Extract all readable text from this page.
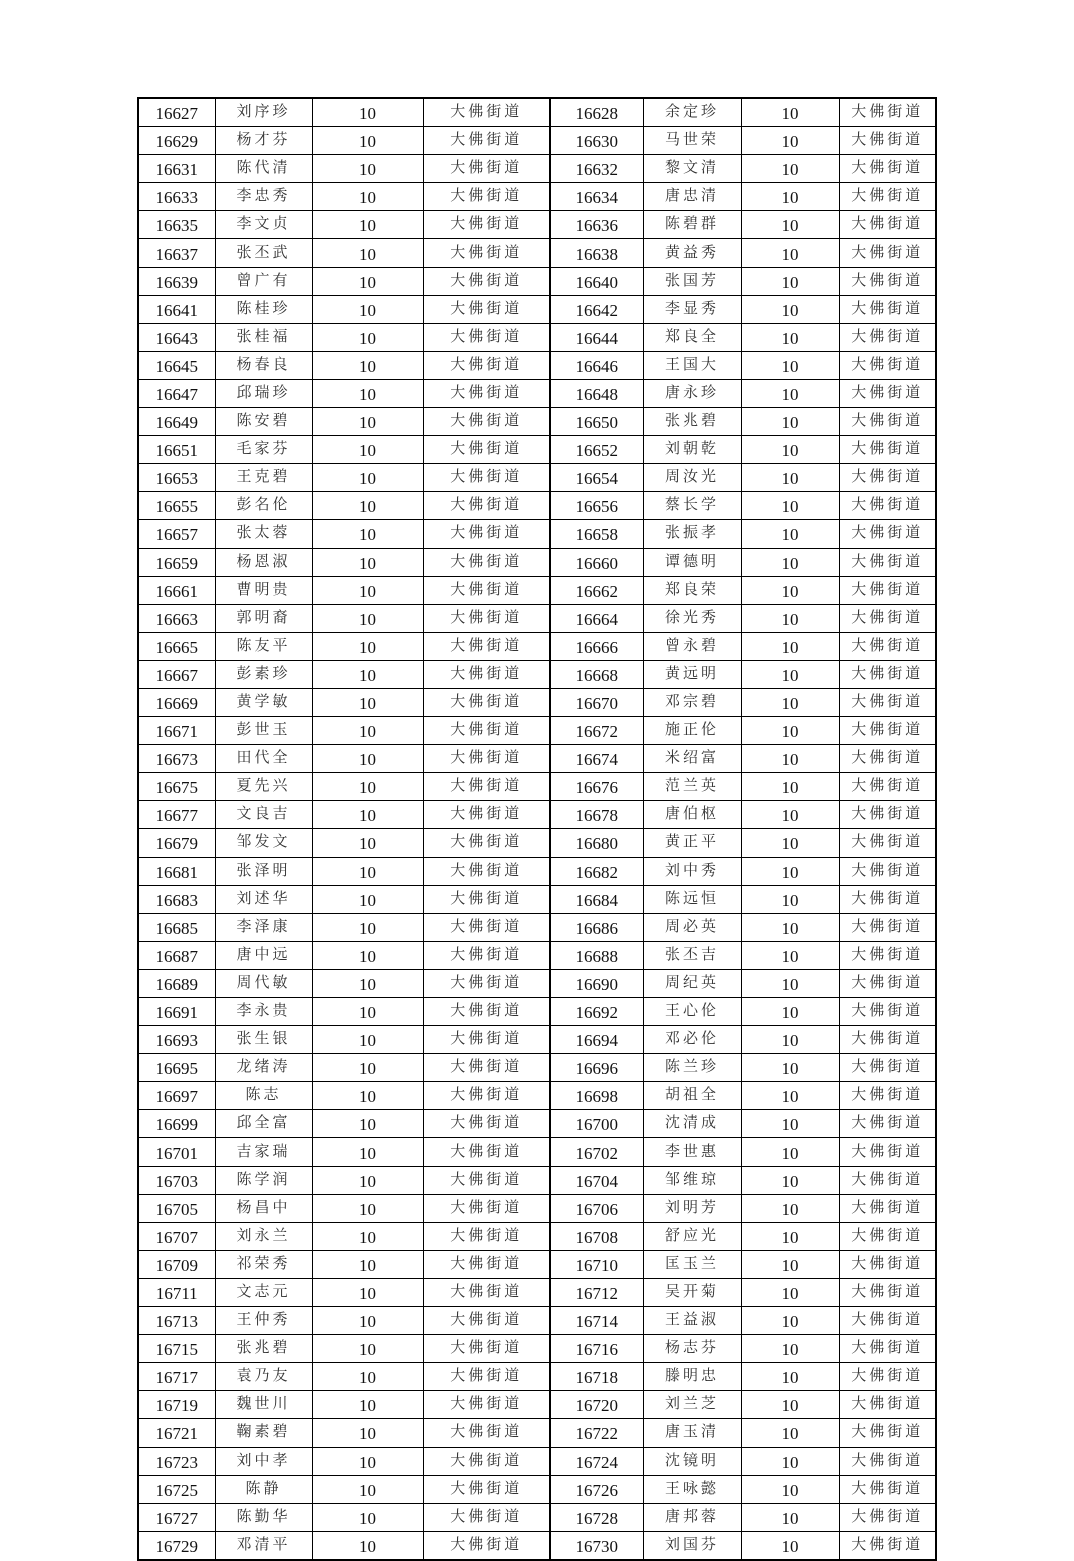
16627	刘序珍	10	大佛街道	16628	余定珍	10	大佛街道
16629	杨才芬	10	大佛街道	16630	马世荣	10	大佛街道
16631	陈代清	10	大佛街道	16632	黎文清	10	大佛街道
16633	李忠秀	10	大佛街道	16634	唐忠清	10	大佛街道
16635	李文贞	10	大佛街道	16636	陈碧群	10	大佛街道
16637	张丕武	10	大佛街道	16638	黄益秀	10	大佛街道
16639	曾广有	10	大佛街道	16640	张国芳	10	大佛街道
16641	陈桂珍	10	大佛街道	16642	李显秀	10	大佛街道
16643	张桂福	10	大佛街道	16644	郑良全	10	大佛街道
16645	杨春良	10	大佛街道	16646	王国大	10	大佛街道
16647	邱瑞珍	10	大佛街道	16648	唐永珍	10	大佛街道
16649	陈安碧	10	大佛街道	16650	张兆碧	10	大佛街道
16651	毛家芬	10	大佛街道	16652	刘朝乾	10	大佛街道
16653	王克碧	10	大佛街道	16654	周汝光	10	大佛街道
16655	彭名伦	10	大佛街道	16656	蔡长学	10	大佛街道
16657	张太蓉	10	大佛街道	16658	张振孝	10	大佛街道
16659	杨恩淑	10	大佛街道	16660	谭德明	10	大佛街道
16661	曹明贵	10	大佛街道	16662	郑良荣	10	大佛街道
16663	郭明裔	10	大佛街道	16664	徐光秀	10	大佛街道
16665	陈友平	10	大佛街道	16666	曾永碧	10	大佛街道
16667	彭素珍	10	大佛街道	16668	黄远明	10	大佛街道
16669	黄学敏	10	大佛街道	16670	邓宗碧	10	大佛街道
16671	彭世玉	10	大佛街道	16672	施正伦	10	大佛街道
16673	田代全	10	大佛街道	16674	米绍富	10	大佛街道
16675	夏先兴	10	大佛街道	16676	范兰英	10	大佛街道
16677	文良吉	10	大佛街道	16678	唐伯枢	10	大佛街道
16679	邹发文	10	大佛街道	16680	黄正平	10	大佛街道
16681	张泽明	10	大佛街道	16682	刘中秀	10	大佛街道
16683	刘述华	10	大佛街道	16684	陈远恒	10	大佛街道
16685	李泽康	10	大佛街道	16686	周必英	10	大佛街道
16687	唐中远	10	大佛街道	16688	张丕吉	10	大佛街道
16689	周代敏	10	大佛街道	16690	周纪英	10	大佛街道
16691	李永贵	10	大佛街道	16692	王心伦	10	大佛街道
16693	张生银	10	大佛街道	16694	邓必伦	10	大佛街道
16695	龙绪涛	10	大佛街道	16696	陈兰珍	10	大佛街道
16697	陈志	10	大佛街道	16698	胡祖全	10	大佛街道
16699	邱全富	10	大佛街道	16700	沈清成	10	大佛街道
16701	吉家瑞	10	大佛街道	16702	李世惠	10	大佛街道
16703	陈学润	10	大佛街道	16704	邹维琼	10	大佛街道
16705	杨昌中	10	大佛街道	16706	刘明芳	10	大佛街道
16707	刘永兰	10	大佛街道	16708	舒应光	10	大佛街道
16709	祁荣秀	10	大佛街道	16710	匡玉兰	10	大佛街道
16711	文志元	10	大佛街道	16712	吴开菊	10	大佛街道
16713	王仲秀	10	大佛街道	16714	王益淑	10	大佛街道
16715	张兆碧	10	大佛街道	16716	杨志芬	10	大佛街道
16717	袁乃友	10	大佛街道	16718	滕明忠	10	大佛街道
16719	魏世川	10	大佛街道	16720	刘兰芝	10	大佛街道
16721	鞠素碧	10	大佛街道	16722	唐玉清	10	大佛街道
16723	刘中孝	10	大佛街道	16724	沈镜明	10	大佛街道
16725	陈静	10	大佛街道	16726	王咏懿	10	大佛街道
16727	陈勤华	10	大佛街道	16728	唐邦蓉	10	大佛街道
16729	邓清平	10	大佛街道	16730	刘国芬	10	大佛街道
